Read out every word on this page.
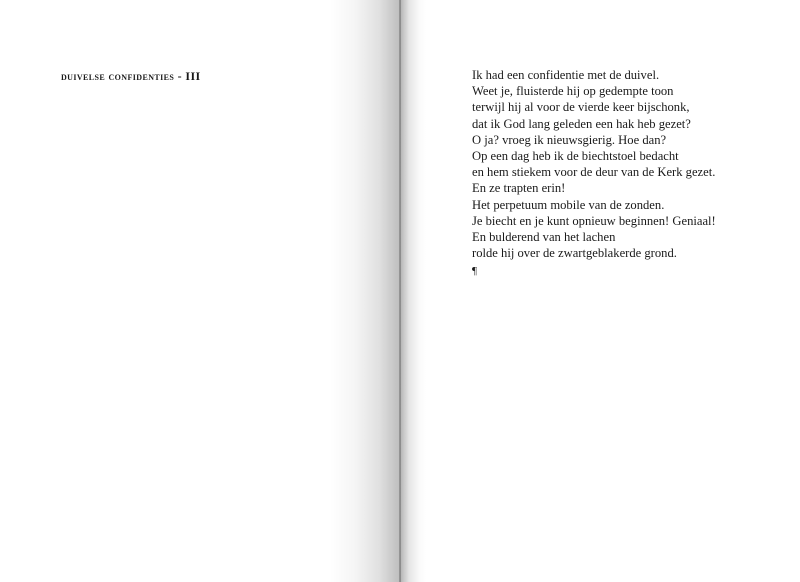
duivelse confidenties - III	Ik had een confidentie met de duivel.
Weet je, fluisterde hij op gedempte toon
terwijl hij al voor de vierde keer bijschonk,
dat ik God lang geleden een hak heb gezet?
O ja? vroeg ik nieuwsgierig. Hoe dan?
Op een dag heb ik de biechtstoel bedacht
en hem stiekem voor de deur van de Kerk gezet.
En ze trapten erin!
Het perpetuum mobile van de zonden.
Je biecht en je kunt opnieuw beginnen! Geniaal!
En bulderend van het lachen
rolde hij over de zwartgeblakerde grond.
¶
